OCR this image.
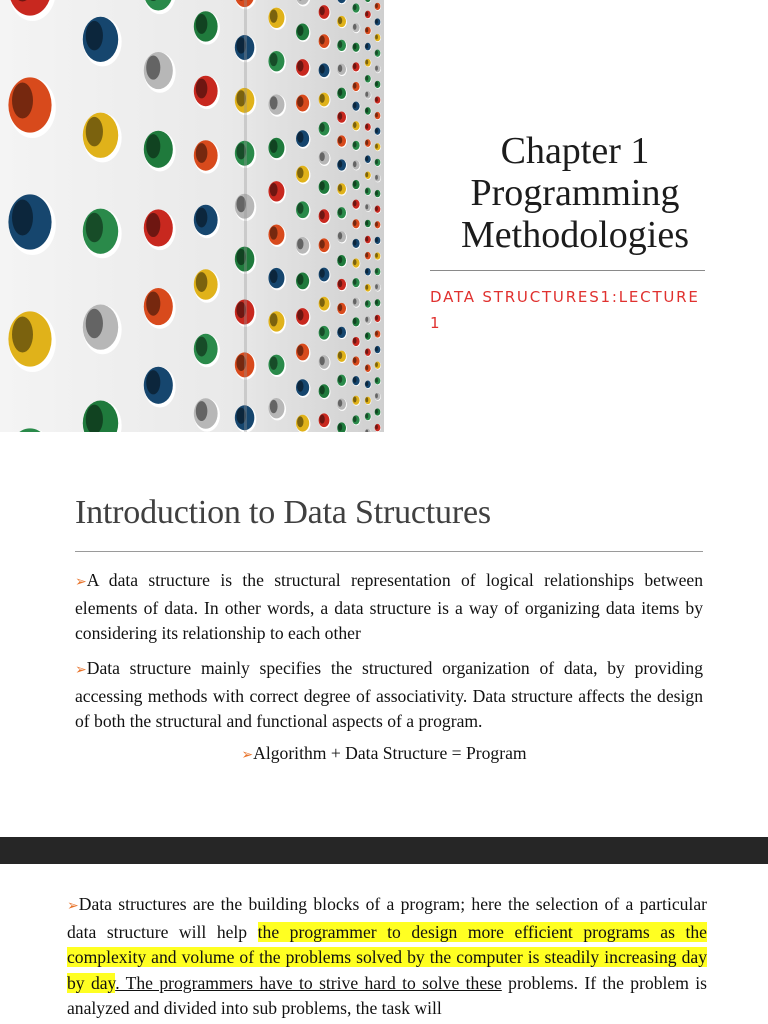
Chapter 1
Programming
Methodologies
DATA STRUCTURES1:LECTURE
1
Introduction to Data Structures

➢A data structure is the structural representation of logical relationships between elements of data. In other words, a data structure is a way of organizing data items by considering its relationship to each other

➢Data structure mainly specifies the structured organization of data, by providing accessing methods with correct degree of associativity. Data structure affects the design of both the structural and functional aspects of a program.

➢Algorithm + Data Structure = Program

➢Data structures are the building blocks of a program; here the selection of a particular data structure will help the programmer to design more efficient programs as the complexity and volume of the problems solved by the computer is steadily increasing day by day. The programmers have to strive hard to solve these problems. If the problem is analyzed and divided into sub problems, the task will
